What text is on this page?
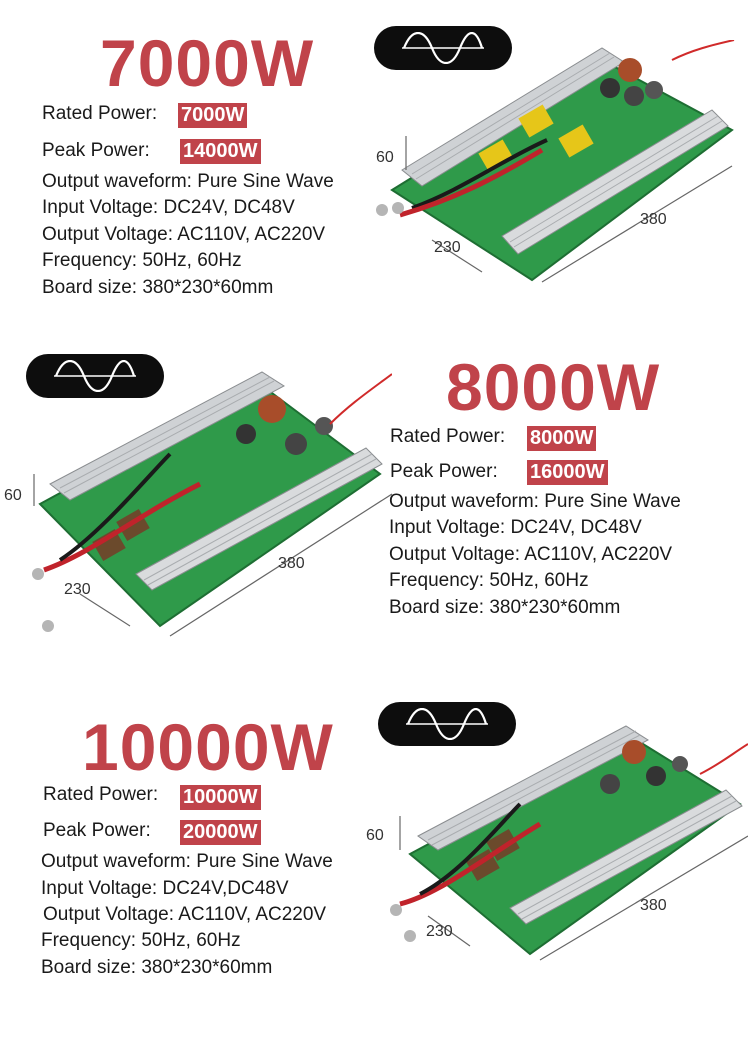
7000W
Rated Power: 7000W
Peak Power: 14000W
Output waveform: Pure Sine Wave
Input Voltage: DC24V, DC48V
Output Voltage: AC110V, AC220V
Frequency: 50Hz, 60Hz
Board size: 380*230*60mm
60
230
380
60
230
380
8000W
Rated Power: 8000W
Peak Power: 16000W
Output waveform: Pure Sine Wave
Input Voltage: DC24V, DC48V
Output Voltage: AC110V, AC220V
Frequency: 50Hz, 60Hz
Board size: 380*230*60mm
10000W
Rated Power: 10000W
Peak Power: 20000W
Output waveform: Pure Sine Wave
Input Voltage: DC24V,DC48V
Output Voltage: AC110V, AC220V
Frequency: 50Hz, 60Hz
Board size: 380*230*60mm
60
230
380
